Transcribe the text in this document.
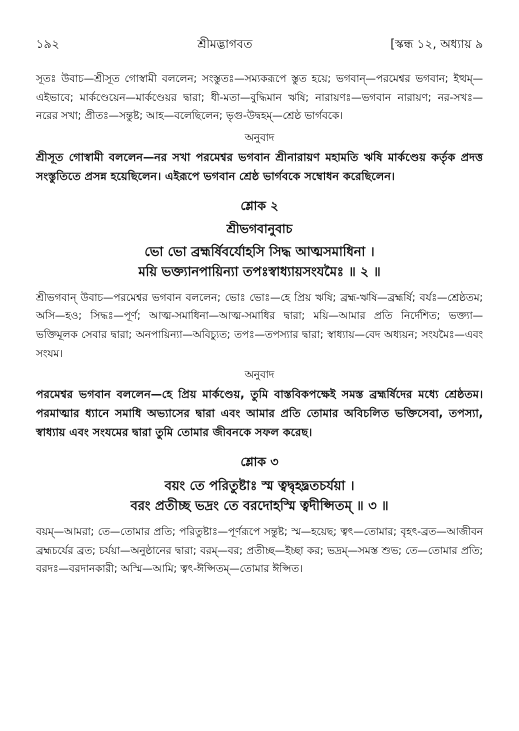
১৯২	শ্রীমদ্ভাগবত	[স্কন্ধ ১২, অধ্যায় ৯

সূতঃ উবাচ—শ্রীসূত গোস্বামী বললেন; সংস্তুতঃ—সম্যকরূপে স্তুত হয়ে; ভগবান্—পরমেশ্বর ভগবান; ইত্থম্—এইভাবে; মার্কণ্ডেয়েন—মার্কণ্ডেয়র দ্বারা; ধী-মতা—বুদ্ধিমান ঋষি; নারায়ণঃ—ভগবান নারায়ণ; নর-সখঃ—নরের সখা; প্রীতঃ—সন্তুষ্ট; আহ—বলেছিলেন; ভৃগু-উদ্বহম্—শ্রেষ্ঠ ভার্গবকে।

অনুবাদ

শ্রীসূত গোস্বামী বললেন—নর সখা পরমেশ্বর ভগবান শ্রীনারায়ণ মহামতি ঋষি মার্কণ্ডেয় কর্তৃক প্রদত্ত সংস্তুতিতে প্রসন্ন হয়েছিলেন। এইরূপে ভগবান শ্রেষ্ঠ ভার্গবকে সম্বোধন করেছিলেন।

শ্লোক ২
শ্রীভগবানুবাচ

ভো ভো ব্রহ্মর্ষিবর্যোহসি সিদ্ধ আত্মসমাধিনা ।

ময়ি ভক্ত্যানপায়িন্যা তপঃস্বাধ্যায়সংযমৈঃ ॥ ২ ॥

শ্রীভগবান্ উবাচ—পরমেশ্বর ভগবান বললেন; ভোঃ ভোঃ—হে প্রিয় ঋষি; ব্রহ্ম-ঋষি—ব্রহ্মর্ষি; বর্যঃ—শ্রেষ্ঠতম; অসি—হও; সিদ্ধঃ—পূর্ণ; আত্ম-সমাধিনা—আত্ম-সমাধির দ্বারা; ময়ি—আমার প্রতি নির্দেশিত; ভক্ত্যা—ভক্তিমূলক সেবার দ্বারা; অনপায়িন্যা—অবিচ্যুত; তপঃ—তপস্যার দ্বারা; স্বাধ্যায়—বেদ অধ্যয়ন; সংযমৈঃ—এবং সংযম।

অনুবাদ

পরমেশ্বর ভগবান বললেন—হে প্রিয় মার্কণ্ডেয়, তুমি বাস্তবিকপক্ষেই সমস্ত ব্রহ্মর্ষিদের মধ্যে শ্রেষ্ঠতম। পরমাত্মার ধ্যানে সমাধি অভ্যাসের দ্বারা এবং আমার প্রতি তোমার অবিচলিত ভক্তিসেবা, তপস্যা, স্বাধ্যায় এবং সংযমের দ্বারা তুমি তোমার জীবনকে সফল করেছ।

শ্লোক ৩

বয়ং তে পরিতুষ্টাঃ স্ম ত্বদ্বৃহদ্ব্রতচর্যয়া ।

বরং প্রতীচ্ছ ভদ্রং তে বরদোহস্মি ত্বদীপ্সিতম্ ॥ ৩ ॥

বয়ম্—আমরা; তে—তোমার প্রতি; পরিতুষ্টাঃ—পূর্ণরূপে সন্তুষ্ট; স্ম—হয়েছ; ত্বৎ—তোমার; বৃহৎ-ব্রত—আজীবন ব্রহ্মচর্যের ব্রত; চর্যয়া—অনুষ্ঠানের দ্বারা; বরম্—বর; প্রতীচ্ছ—ইচ্ছা কর; ভদ্রম্—সমস্ত শুভ; তে—তোমার প্রতি; বরদঃ—বরদানকারী; অস্মি—আমি; ত্বৎ-ঈপ্সিতম্—তোমার ঈপ্সিত।
